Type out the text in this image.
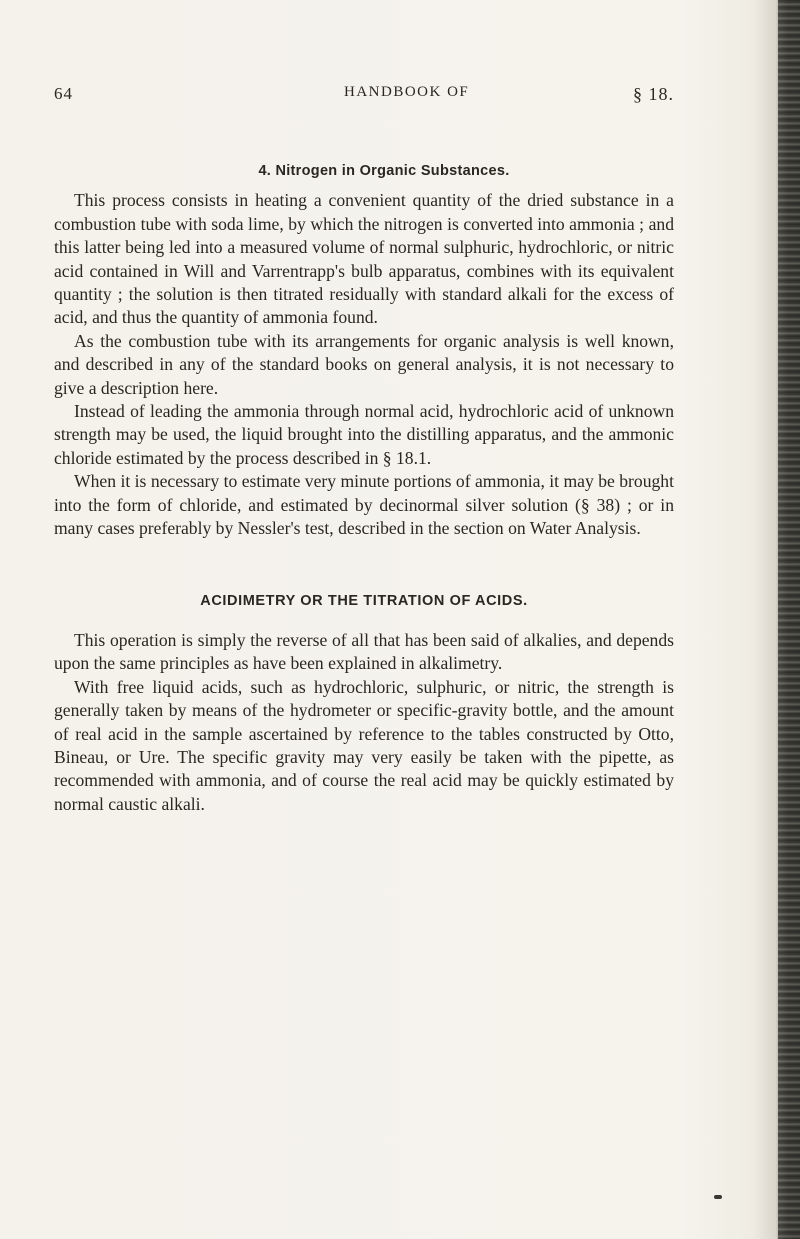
64	HANDBOOK OF	§ 18.
4. Nitrogen in Organic Substances.

This process consists in heating a convenient quantity of the dried substance in a combustion tube with soda lime, by which the nitrogen is converted into ammonia ; and this latter being led into a measured volume of normal sulphuric, hydrochloric, or nitric acid contained in Will and Varrentrapp's bulb apparatus, combines with its equivalent quantity ; the solution is then titrated residually with standard alkali for the excess of acid, and thus the quantity of ammonia found.

As the combustion tube with its arrangements for organic analysis is well known, and described in any of the standard books on general analysis, it is not necessary to give a description here.

Instead of leading the ammonia through normal acid, hydrochloric acid of unknown strength may be used, the liquid brought into the distilling apparatus, and the ammonic chloride estimated by the process described in § 18.1.

When it is necessary to estimate very minute portions of ammonia, it may be brought into the form of chloride, and estimated by decinormal silver solution (§ 38) ; or in many cases preferably by Nessler's test, described in the section on Water Analysis.

ACIDIMETRY OR THE TITRATION OF ACIDS.

This operation is simply the reverse of all that has been said of alkalies, and depends upon the same principles as have been explained in alkalimetry.

With free liquid acids, such as hydrochloric, sulphuric, or nitric, the strength is generally taken by means of the hydrometer or specific-gravity bottle, and the amount of real acid in the sample ascertained by reference to the tables constructed by Otto, Bineau, or Ure. The specific gravity may very easily be taken with the pipette, as recommended with ammonia, and of course the real acid may be quickly estimated by normal caustic alkali.
